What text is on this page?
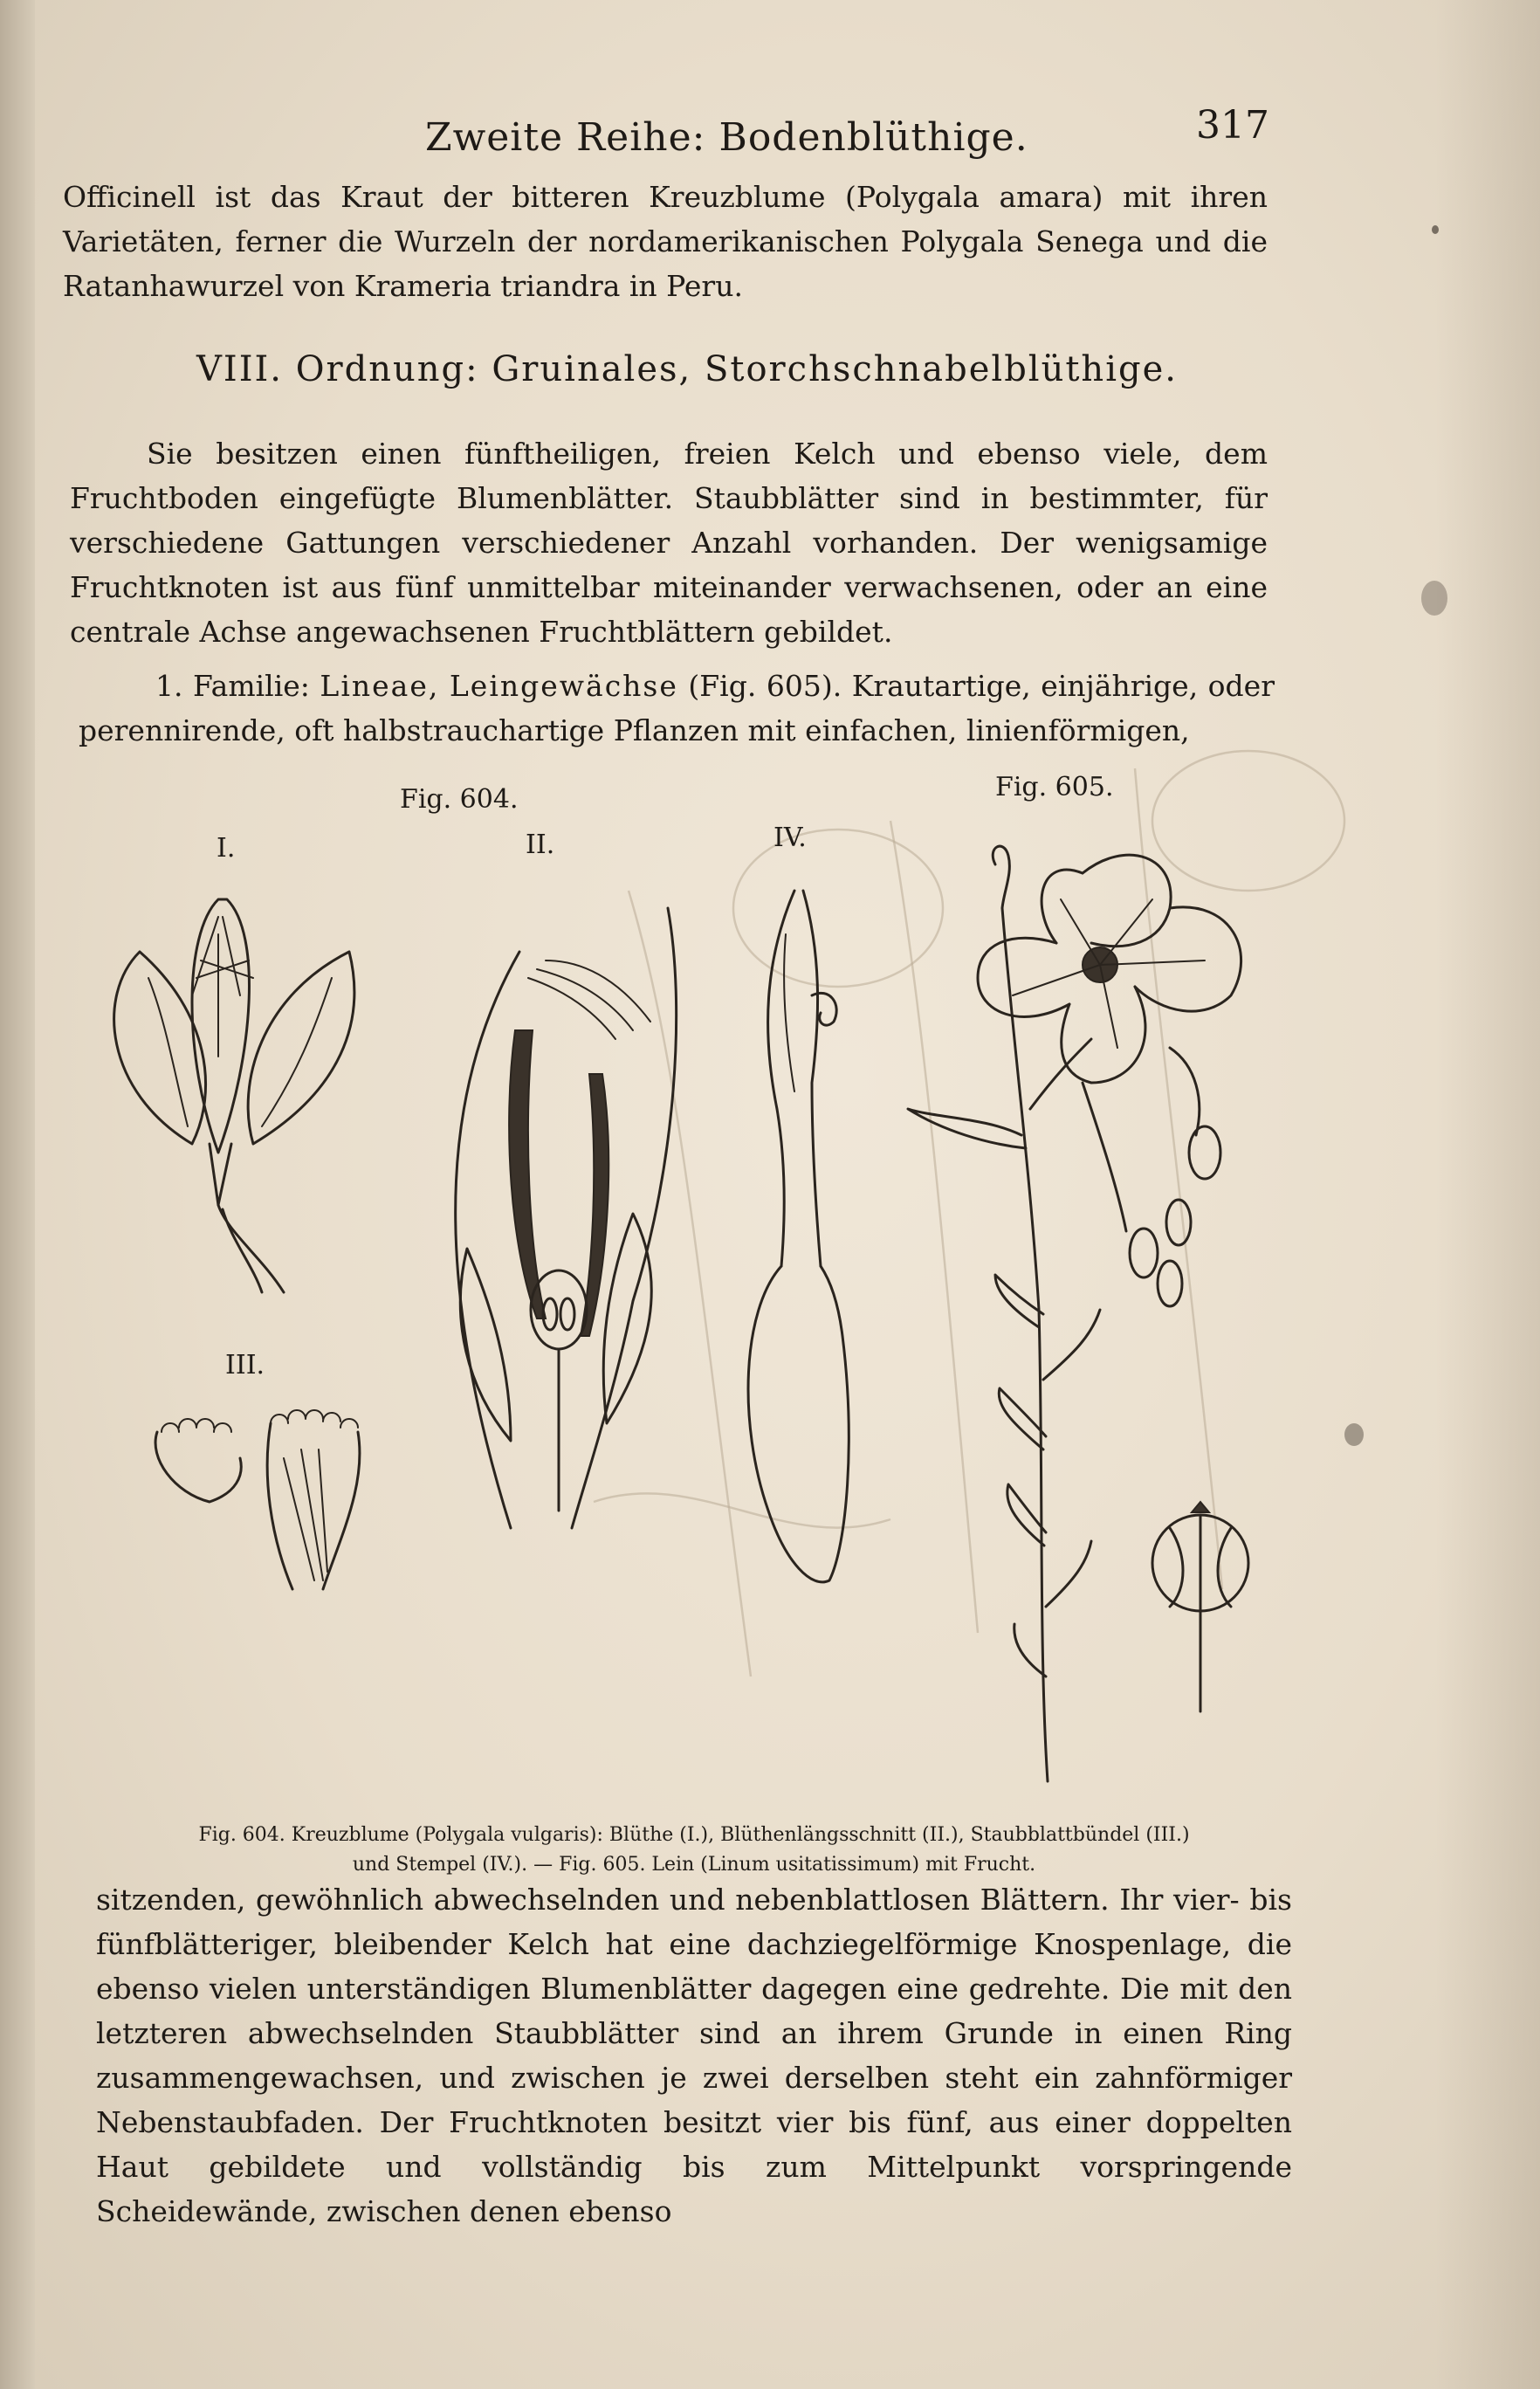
Zweite Reihe: Bodenblüthige.	317
Officinell ist das Kraut der bitteren Kreuzblume (Polygala amara) mit ihren Varietäten, ferner die Wurzeln der nordamerikanischen Polygala Senega und die Ratanhawurzel von Krameria triandra in Peru.
VIII. Ordnung: Gruinales, Storchschnabelblüthige.
Sie besitzen einen fünftheiligen, freien Kelch und ebenso viele, dem Fruchtboden eingefügte Blumenblätter. Staubblätter sind in bestimmter, für verschiedene Gattungen verschiedener Anzahl vorhanden. Der wenigsamige Fruchtknoten ist aus fünf unmittelbar miteinander verwachsenen, oder an eine centrale Achse angewachsenen Fruchtblättern gebildet.
1. Familie: Lineae, Leingewächse (Fig. 605). Krautartige, einjährige, oder perennirende, oft halbstrauchartige Pflanzen mit einfachen, linienförmigen,
Fig. 604.	Fig. 605.
I.	II.	IV.
III.
Fig. 604. Kreuzblume (Polygala vulgaris): Blüthe (I.), Blüthenlängsschnitt (II.), Staubblattbündel (III.)
und Stempel (IV.). — Fig. 605. Lein (Linum usitatissimum) mit Frucht.
sitzenden, gewöhnlich abwechselnden und nebenblattlosen Blättern. Ihr vier- bis fünfblätteriger, bleibender Kelch hat eine dachziegelförmige Knospenlage, die ebenso vielen unterständigen Blumenblätter dagegen eine gedrehte. Die mit den letzteren abwechselnden Staubblätter sind an ihrem Grunde in einen Ring zusammengewachsen, und zwischen je zwei derselben steht ein zahnförmiger Nebenstaubfaden. Der Fruchtknoten besitzt vier bis fünf, aus einer doppelten Haut gebildete und vollständig bis zum Mittelpunkt vorspringende Scheidewände, zwischen denen ebenso
